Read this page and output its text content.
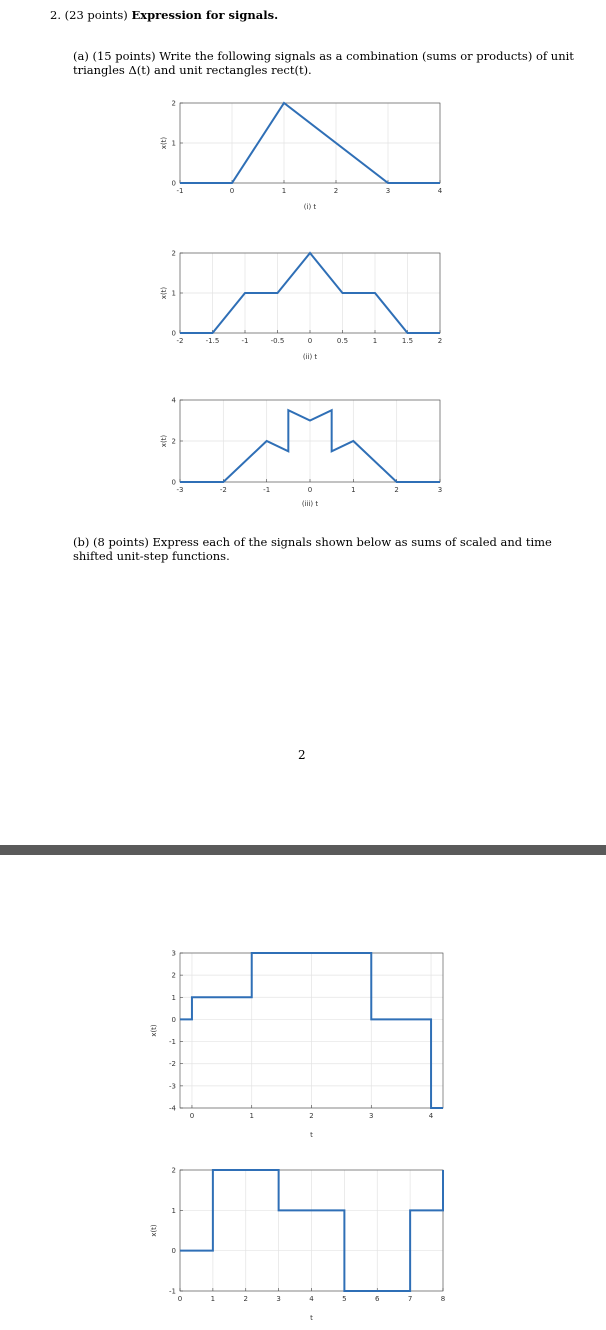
2. (23 points) Expression for signals.
(a) (15 points) Write the following signals as a combination (sums or products) of unit triangles Δ(t) and unit rectangles rect(t).
(b) (8 points) Express each of the signals shown below as sums of scaled and time shifted unit-step functions.
2
-1	0	1	2	3	4
0
1
2
(i) t
x(t)
-2	-1.5	-1	-0.5	0	0.5	1	1.5	2
0
1
2
(ii) t
x(t)
-3	-2	-1	0	1	2	3
0
2
4
(iii) t
x(t)
0	1	2	3	4
-4
-3
-2
-1
0
1
2
3
t
x(t)
0	1	2	3	4	5	6	7	8
-1
0
1
2
t
x(t)
